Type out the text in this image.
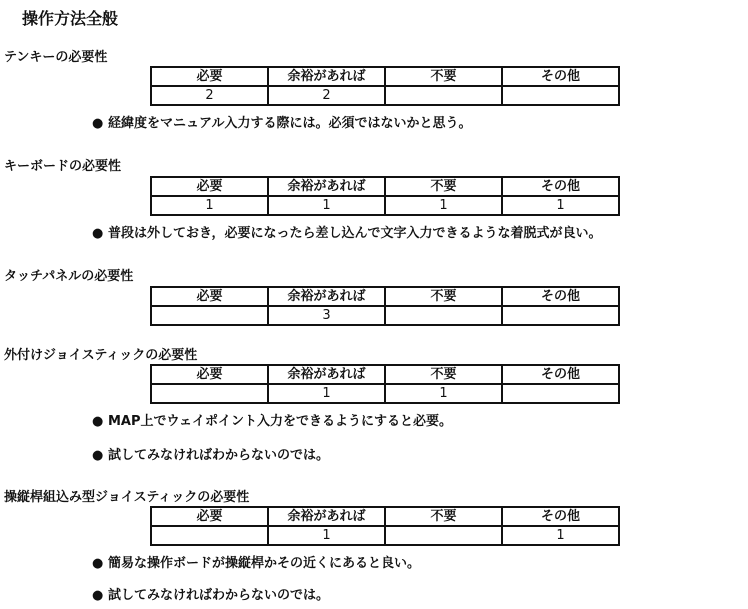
操作方法全般
テンキーの必要性
必要	余裕があれば	不要	その他
2	2		
● 経緯度をマニュアル入力する際には。必須ではないかと思う。
キーボードの必要性
必要	余裕があれば	不要	その他
1	1	1	1
● 普段は外しておき，必要になったら差し込んで文字入力できるような着脱式が良い。
タッチパネルの必要性
必要	余裕があれば	不要	その他
	3		
外付けジョイスティックの必要性
必要	余裕があれば	不要	その他
	1	1	
● MAP上でウェイポイント入力をできるようにすると必要。
● 試してみなければわからないのでは。
操縦桿組込み型ジョイスティックの必要性
必要	余裕があれば	不要	その他
	1		1
● 簡易な操作ボードが操縦桿かその近くにあると良い。
● 試してみなければわからないのでは。
